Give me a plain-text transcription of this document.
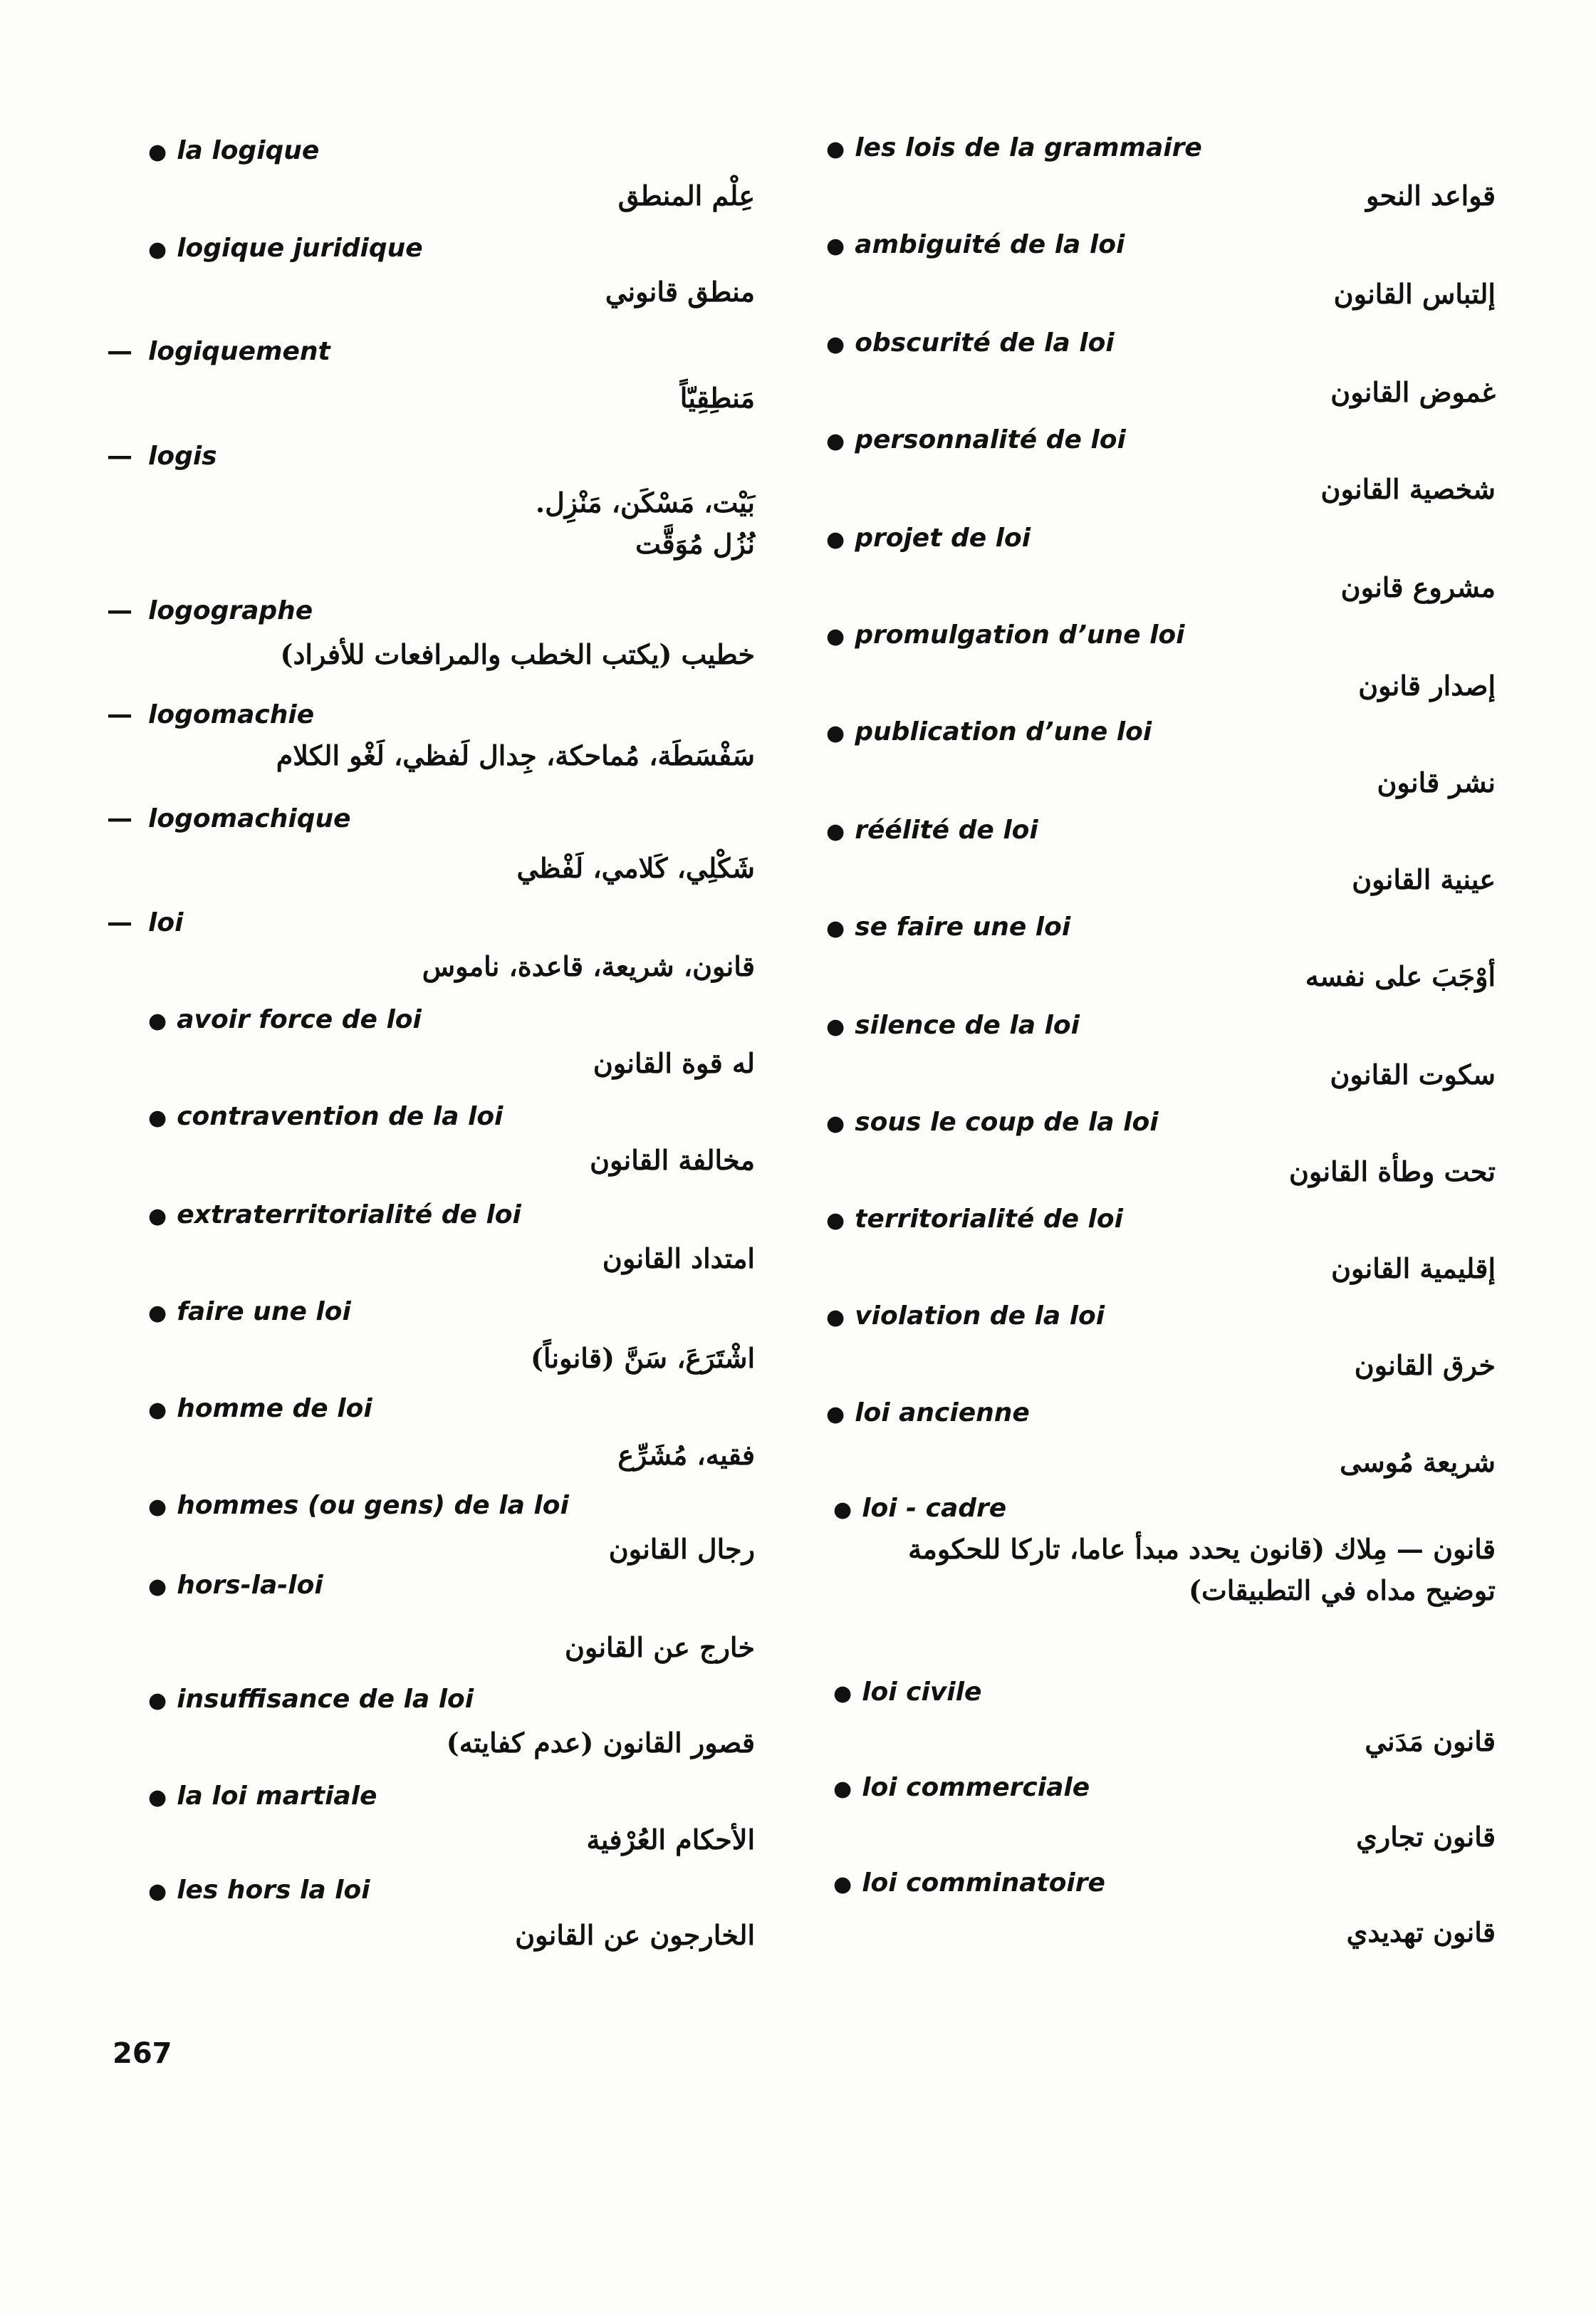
● la logique
عِلْم المنطق
● logique juridique
منطق قانوني
— logiquement
مَنطِقِيّاً
— logis
بَيْت، مَسْكَن، مَنْزِل.
نُزُل مُوَقَّت
— logographe
خطيب (يكتب الخطب والمرافعات للأفراد)
— logomachie
سَفْسَطَة، مُماحكة، جِدال لَفظي، لَغْو الكلام
— logomachique
شَكْلِي، كَلامي، لَفْظي
— loi
قانون، شريعة، قاعدة، ناموس
● avoir force de loi
له قوة القانون
● contravention de la loi
مخالفة القانون
● extraterritorialité de loi
امتداد القانون
● faire une loi
اشْتَرَعَ، سَنَّ (قانوناً)
● homme de loi
فقيه، مُشَرِّع
● hommes (ou gens) de la loi
رجال القانون
● hors-la-loi
خارج عن القانون
● insuffisance de la loi
قصور القانون (عدم كفايته)
● la loi martiale
الأحكام العُرْفية
● les hors la loi
الخارجون عن القانون
● les lois de la grammaire
قواعد النحو
● ambiguité de la loi
إلتباس القانون
● obscurité de la loi
غموض القانون
● personnalité de loi
شخصية القانون
● projet de loi
مشروع قانون
● promulgation d’une loi
إصدار قانون
● publication d’une loi
نشر قانون
● réélité de loi
عينية القانون
● se faire une loi
أوْجَبَ على نفسه
● silence de la loi
سكوت القانون
● sous le coup de la loi
تحت وطأة القانون
● territorialité de loi
إقليمية القانون
● violation de la loi
خرق القانون
● loi ancienne
شريعة مُوسى
● loi - cadre
قانون — مِلاك (قانون يحدد مبدأ عاما، تاركا للحكومة توضيح مداه في التطبيقات)
● loi civile
قانون مَدَني
● loi commerciale
قانون تجاري
● loi comminatoire
قانون تهديدي
267
